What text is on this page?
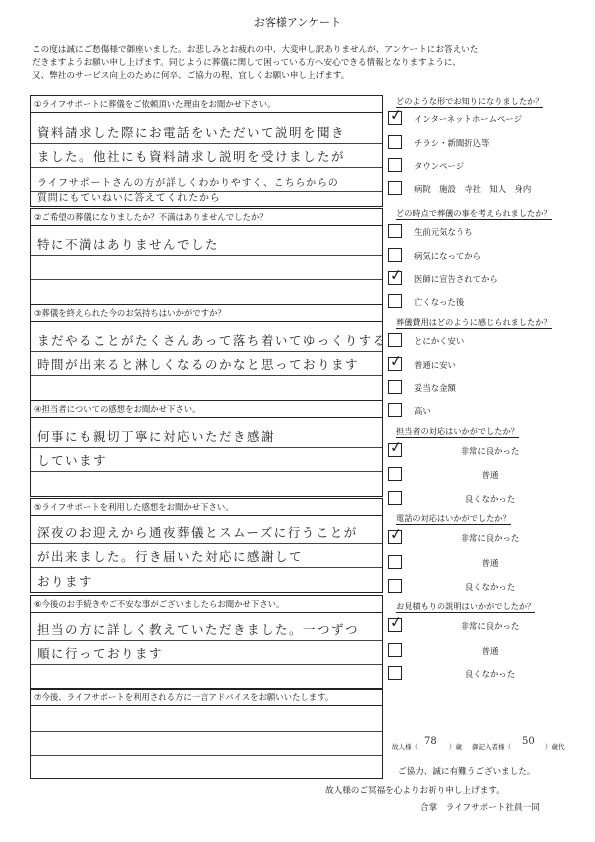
お客様アンケート
この度は誠にご愁傷様で御座いました。お悲しみとお疲れの中、大変申し訳ありませんが、アンケートにお答えいた
だきますようお願い申し上げます。同じように葬儀に関して困っている方へ安心できる情報となりますように、
又、弊社のサービス向上のために何卒、ご協力の程、宜しくお願い申し上げます。
①ライフサポートに葬儀をご依頼頂いた理由をお聞かせ下さい。
資料請求した際にお電話をいただいて説明を聞き
ました。他社にも資料請求し説明を受けましたが
ライフサポートさんの方が詳しくわかりやすく、こちらからの
質問にもていねいに答えてくれたから
②ご希望の葬儀になりましたか？不満はありませんでしたか？
特に不満はありませんでした
③葬儀を終えられた今のお気持ちはいかがですか？
まだやることがたくさんあって落ち着いてゆっくりする
時間が出来ると淋しくなるのかなと思っております
④担当者についての感想をお聞かせ下さい。
何事にも親切丁寧に対応いただき感謝
しています
⑤ライフサポートを利用した感想をお聞かせ下さい。
深夜のお迎えから通夜葬儀とスムーズに行うことが
が出来ました。行き届いた対応に感謝して
おります
⑥今後のお手続きやご不安な事がございましたらお聞かせ下さい。
担当の方に詳しく教えていただきました。一つずつ
順に行っております
⑦今後、ライフサポートを利用される方に一言アドバイスをお願いいたします。
どのような形でお知りになりましたか？
✓ インターネットホームページ
チラシ・新聞折込等
タウンページ
病院　施設　寺社　知人　身内
どの時点で葬儀の事を考えられましたか？
生前元気なうち
病気になってから
✓ 医師に宣告されてから
亡くなった後
葬儀費用はどのように感じられましたか？
とにかく安い
✓ 普通に安い
妥当な金額
高い
担当者の対応はいかがでしたか？
✓	非常に良かった
普通
良くなかった
電話の対応はいかがでしたか？
✓	非常に良かった
普通
良くなかった
お見積もりの説明はいかがでしたか？
✓	非常に良かった
普通
良くなかった
故人様（ 78 ）歳 御記入者様（ 50 ）歳代
ご協力、誠に有難うございました。
故人様のご冥福を心よりお祈り申し上げます。
合掌　ライフサポート社員一同
